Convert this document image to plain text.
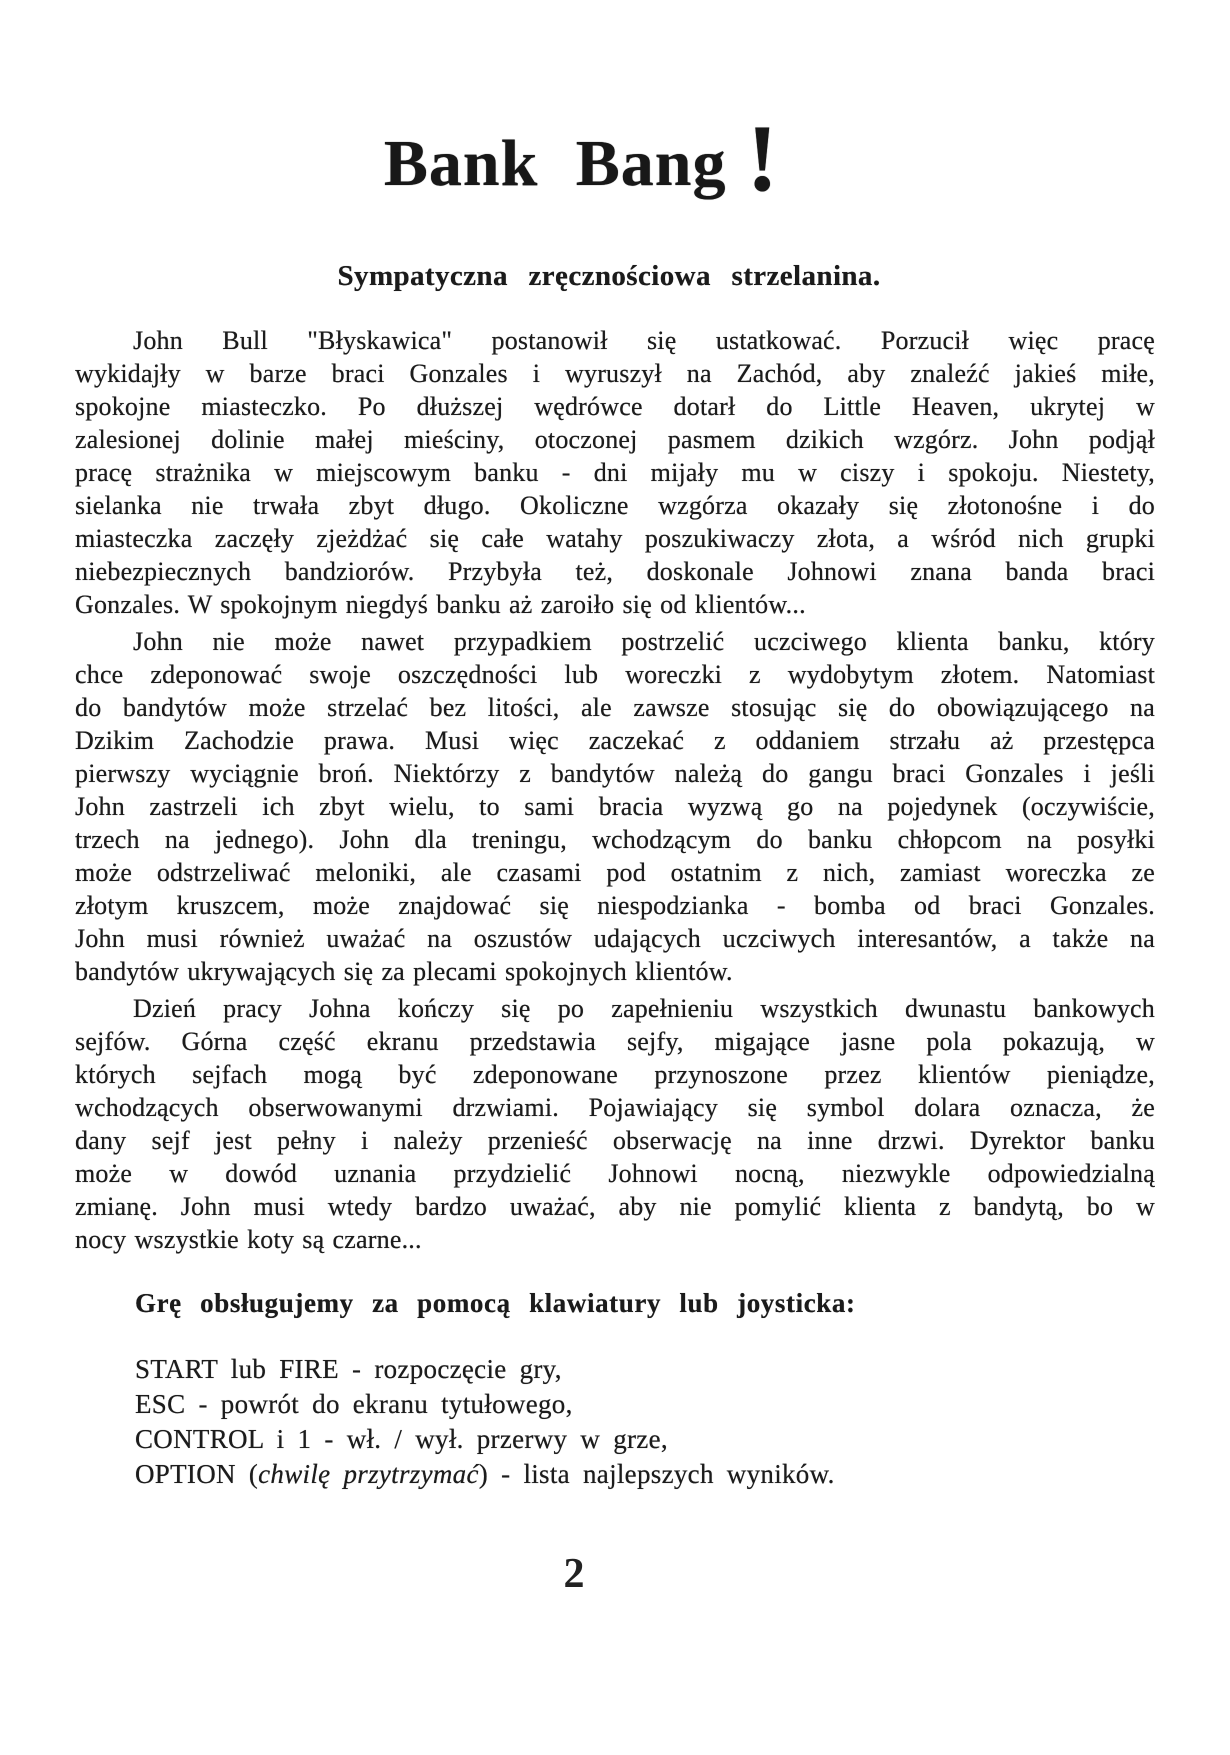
Bank Bang !
Sympatyczna zręcznościowa strzelanina.
John Bull "Błyskawica" postanowił się ustatkować. Porzucił więc pracę
wykidajły w barze braci Gonzales i wyruszył na Zachód, aby znaleźć jakieś miłe,
spokojne miasteczko. Po dłuższej wędrówce dotarł do Little Heaven, ukrytej w
zalesionej dolinie małej mieściny, otoczonej pasmem dzikich wzgórz. John podjął
pracę strażnika w miejscowym banku - dni mijały mu w ciszy i spokoju. Niestety,
sielanka nie trwała zbyt długo. Okoliczne wzgórza okazały się złotonośne i do
miasteczka zaczęły zjeżdżać się całe watahy poszukiwaczy złota, a wśród nich grupki
niebezpiecznych bandziorów. Przybyła też, doskonale Johnowi znana banda braci
Gonzales. W spokojnym niegdyś banku aż zaroiło się od klientów...
John nie może nawet przypadkiem postrzelić uczciwego klienta banku, który
chce zdeponować swoje oszczędności lub woreczki z wydobytym złotem. Natomiast
do bandytów może strzelać bez litości, ale zawsze stosując się do obowiązującego na
Dzikim Zachodzie prawa. Musi więc zaczekać z oddaniem strzału aż przestępca
pierwszy wyciągnie broń. Niektórzy z bandytów należą do gangu braci Gonzales i jeśli
John zastrzeli ich zbyt wielu, to sami bracia wyzwą go na pojedynek (oczywiście,
trzech na jednego). John dla treningu, wchodzącym do banku chłopcom na posyłki
może odstrzeliwać meloniki, ale czasami pod ostatnim z nich, zamiast woreczka ze
złotym kruszcem, może znajdować się niespodzianka - bomba od braci Gonzales.
John musi również uważać na oszustów udających uczciwych interesantów, a także na
bandytów ukrywających się za plecami spokojnych klientów.
Dzień pracy Johna kończy się po zapełnieniu wszystkich dwunastu bankowych
sejfów. Górna część ekranu przedstawia sejfy, migające jasne pola pokazują, w
których sejfach mogą być zdeponowane przynoszone przez klientów pieniądze,
wchodzących obserwowanymi drzwiami. Pojawiający się symbol dolara oznacza, że
dany sejf jest pełny i należy przenieść obserwację na inne drzwi. Dyrektor banku
może w dowód uznania przydzielić Johnowi nocną, niezwykle odpowiedzialną
zmianę. John musi wtedy bardzo uważać, aby nie pomylić klienta z bandytą, bo w
nocy wszystkie koty są czarne...
Grę obsługujemy za pomocą klawiatury lub joysticka:
START lub FIRE - rozpoczęcie gry,
ESC - powrót do ekranu tytułowego,
CONTROL i 1 - wł. / wył. przerwy w grze,
OPTION (chwilę przytrzymać) - lista najlepszych wyników.
2
